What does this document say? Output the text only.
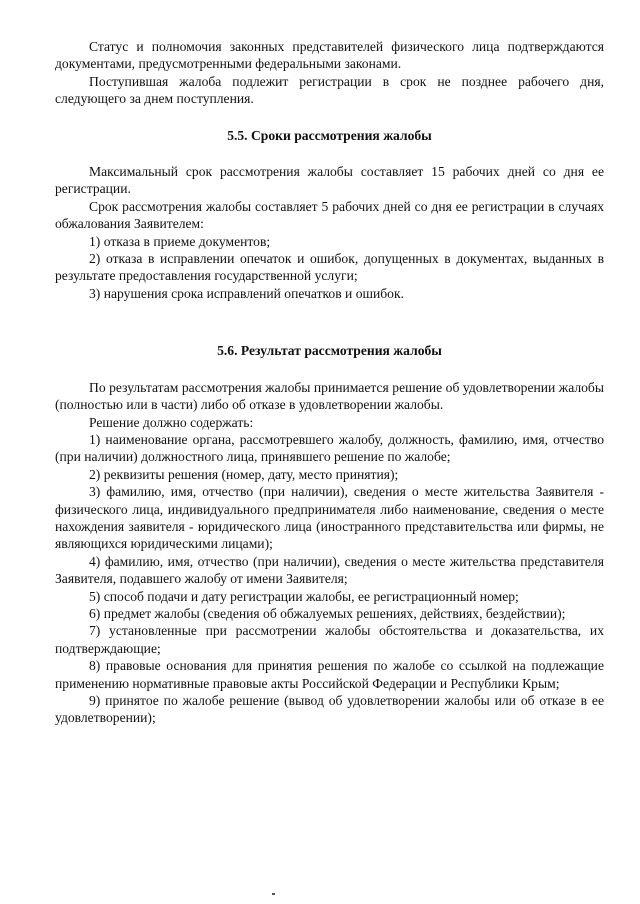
Статус и полномочия законных представителей физического лица подтверждаются документами, предусмотренными федеральными законами.

Поступившая жалоба подлежит регистрации в срок не позднее рабочего дня, следующего за днем поступления.

5.5. Сроки рассмотрения жалобы

Максимальный срок рассмотрения жалобы составляет 15 рабочих дней со дня ее регистрации.

Срок рассмотрения жалобы составляет 5 рабочих дней со дня ее регистрации в случаях обжалования Заявителем:

1) отказа в приеме документов;

2) отказа в исправлении опечаток и ошибок, допущенных в документах, выданных в результате предоставления государственной услуги;

3) нарушения срока исправлений опечатков и ошибок.

5.6. Результат рассмотрения жалобы

По результатам рассмотрения жалобы принимается решение об удовлетворении жалобы (полностью или в части) либо об отказе в удовлетворении жалобы.

Решение должно содержать:

1) наименование органа, рассмотревшего жалобу, должность, фамилию, имя, отчество (при наличии) должностного лица, принявшего решение по жалобе;

2) реквизиты решения (номер, дату, место принятия);

3) фамилию, имя, отчество (при наличии), сведения о месте жительства Заявителя - физического лица, индивидуального предпринимателя либо наименование, сведения о месте нахождения заявителя - юридического лица (иностранного представительства или фирмы, не являющихся юридическими лицами);

4) фамилию, имя, отчество (при наличии), сведения о месте жительства представителя Заявителя, подавшего жалобу от имени Заявителя;

5) способ подачи и дату регистрации жалобы, ее регистрационный номер;

6) предмет жалобы (сведения об обжалуемых решениях, действиях, бездействии);

7) установленные при рассмотрении жалобы обстоятельства и доказательства, их подтверждающие;

8) правовые основания для принятия решения по жалобе со ссылкой на подлежащие применению нормативные правовые акты Российской Федерации и Республики Крым;

9) принятое по жалобе решение (вывод об удовлетворении жалобы или об отказе в ее удовлетворении);
